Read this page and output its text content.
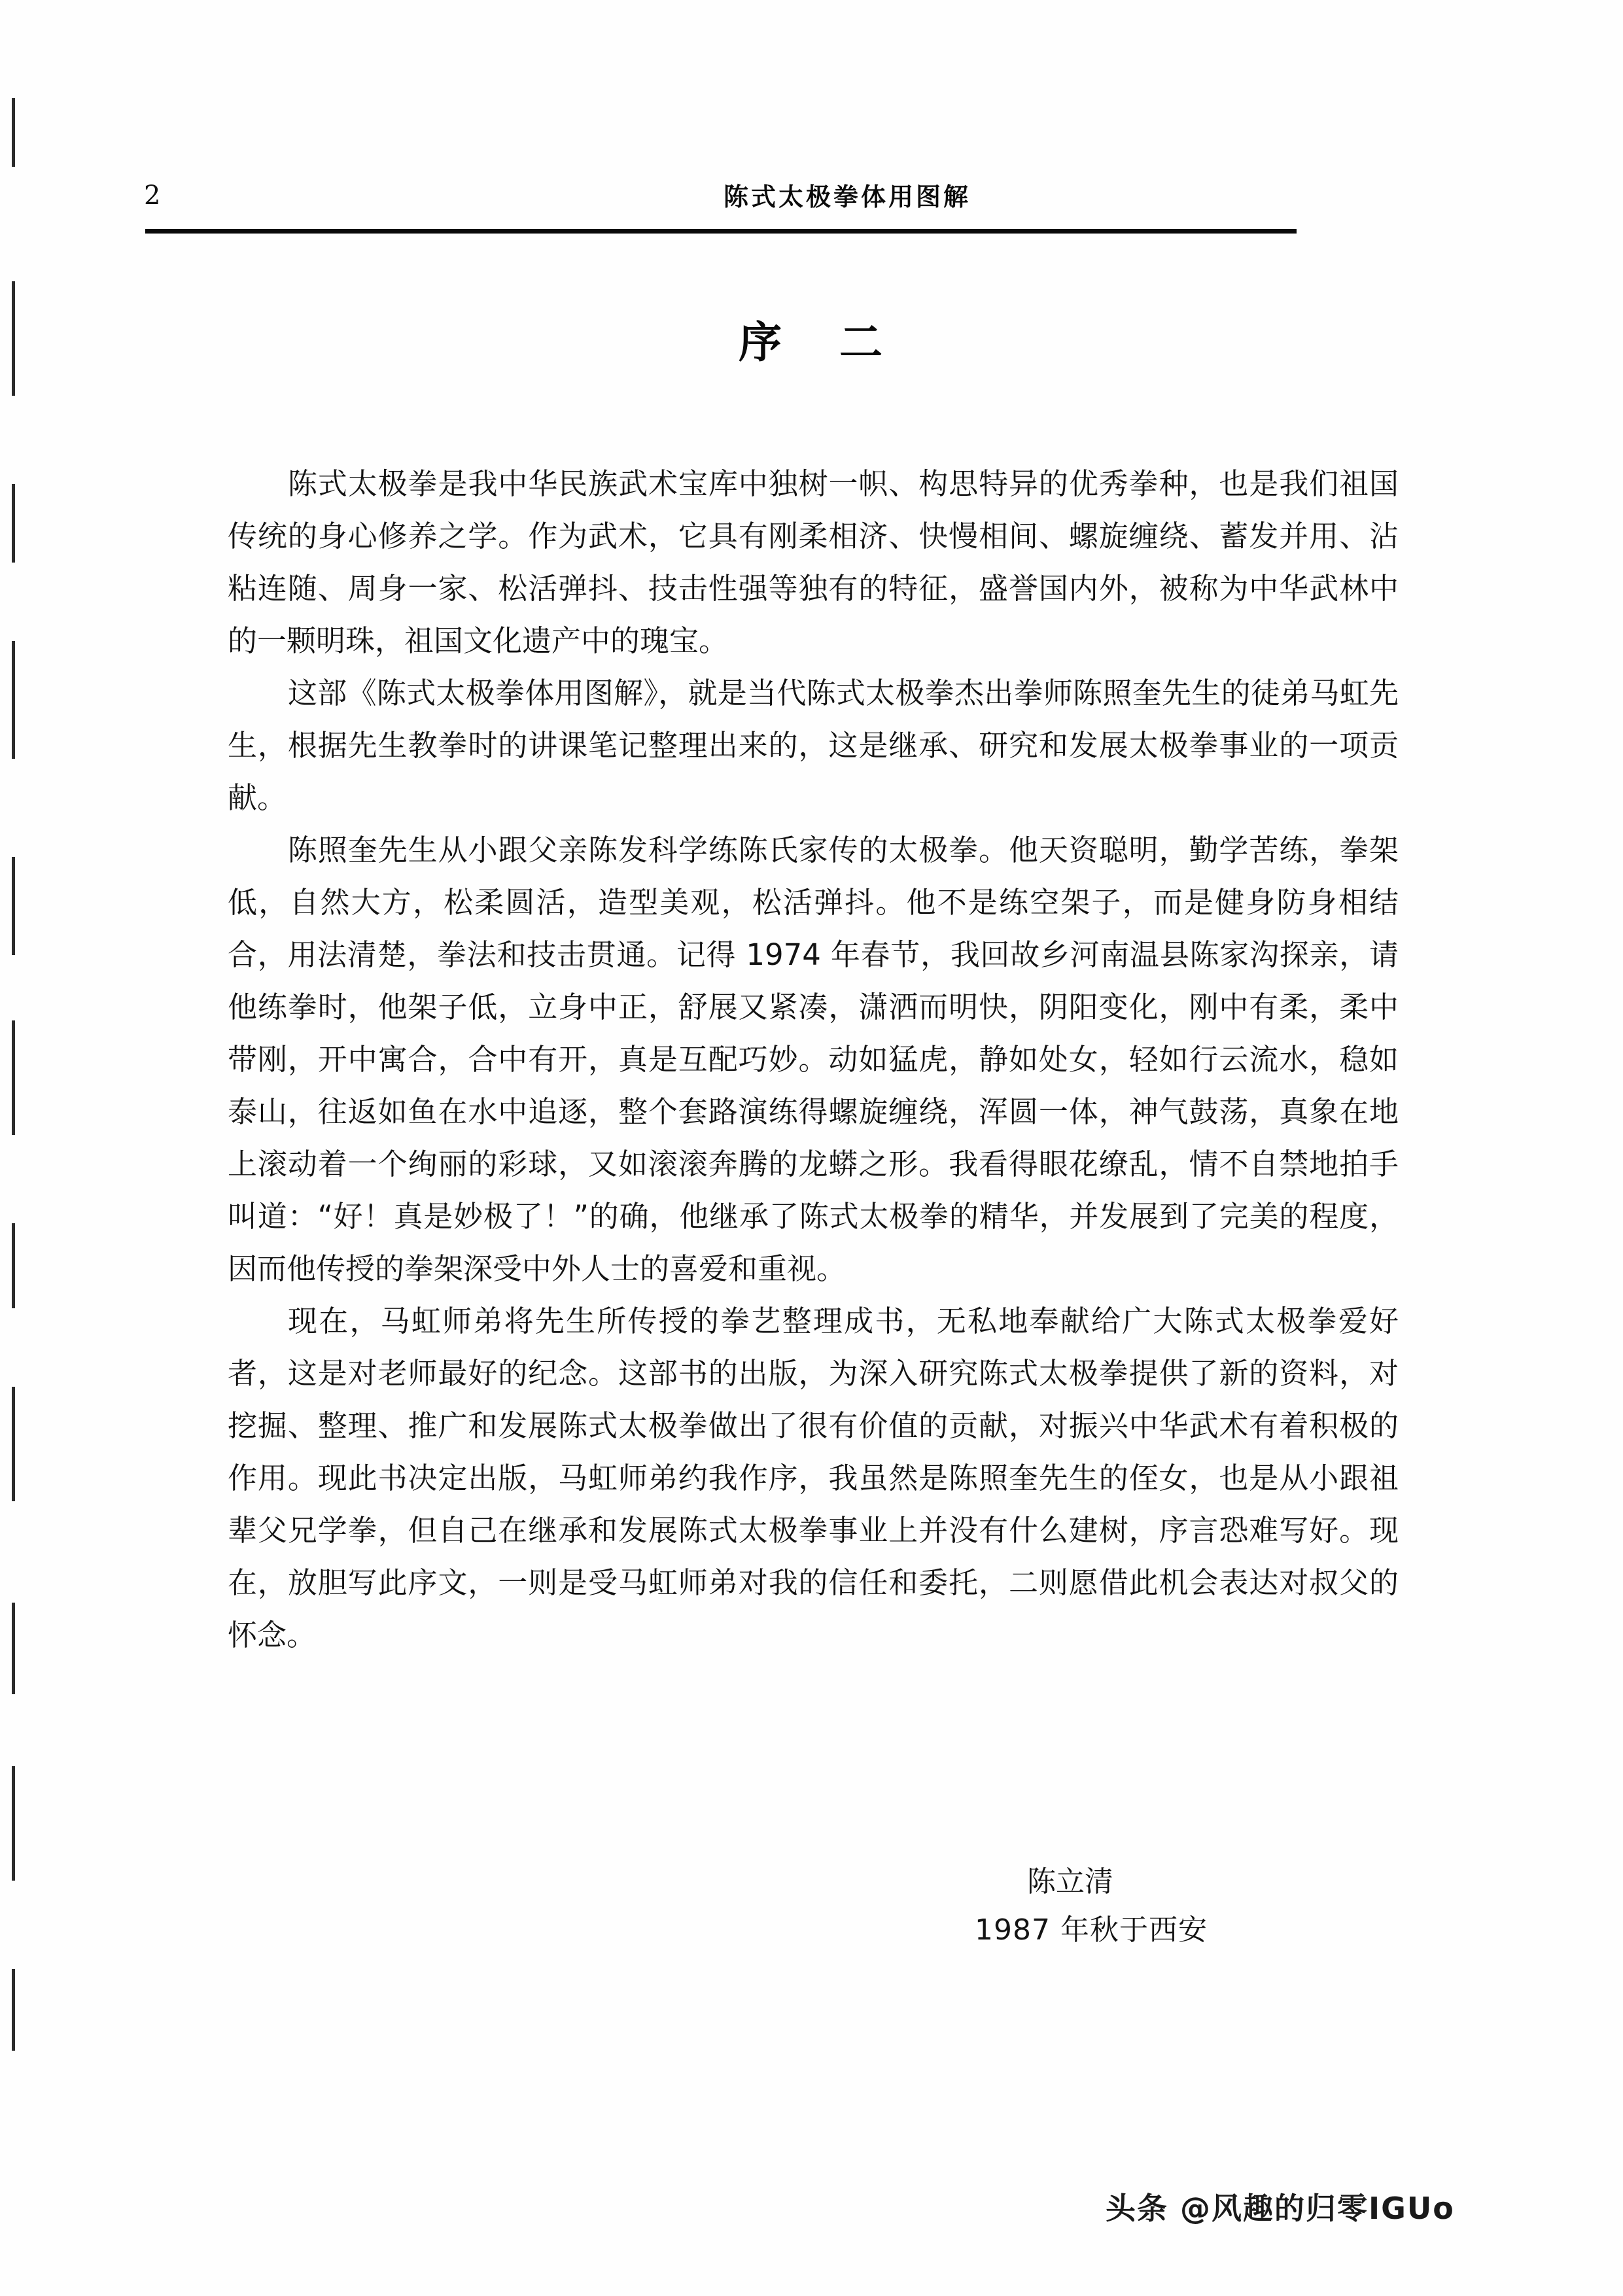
2	陈式太极拳体用图解
序 二

陈式太极拳是我中华民族武术宝库中独树一帜、构思特异的优秀拳种，也是我们祖国传统的身心修养之学。作为武术，它具有刚柔相济、快慢相间、螺旋缠绕、蓄发并用、沾粘连随、周身一家、松活弹抖、技击性强等独有的特征，盛誉国内外，被称为中华武林中的一颗明珠，祖国文化遗产中的瑰宝。

这部《陈式太极拳体用图解》，就是当代陈式太极拳杰出拳师陈照奎先生的徒弟马虹先生，根据先生教拳时的讲课笔记整理出来的，这是继承、研究和发展太极拳事业的一项贡献。

陈照奎先生从小跟父亲陈发科学练陈氏家传的太极拳。他天资聪明，勤学苦练，拳架低，自然大方，松柔圆活，造型美观，松活弹抖。他不是练空架子，而是健身防身相结合，用法清楚，拳法和技击贯通。记得 1974 年春节，我回故乡河南温县陈家沟探亲，请他练拳时，他架子低，立身中正，舒展又紧凑，潇洒而明快，阴阳变化，刚中有柔，柔中带刚，开中寓合，合中有开，真是互配巧妙。动如猛虎，静如处女，轻如行云流水，稳如泰山，往返如鱼在水中追逐，整个套路演练得螺旋缠绕，浑圆一体，神气鼓荡，真象在地上滚动着一个绚丽的彩球，又如滚滚奔腾的龙蟒之形。我看得眼花缭乱，情不自禁地拍手叫道：“好！真是妙极了！”的确，他继承了陈式太极拳的精华，并发展到了完美的程度，因而他传授的拳架深受中外人士的喜爱和重视。

现在，马虹师弟将先生所传授的拳艺整理成书，无私地奉献给广大陈式太极拳爱好者，这是对老师最好的纪念。这部书的出版，为深入研究陈式太极拳提供了新的资料，对挖掘、整理、推广和发展陈式太极拳做出了很有价值的贡献，对振兴中华武术有着积极的作用。现此书决定出版，马虹师弟约我作序，我虽然是陈照奎先生的侄女，也是从小跟祖辈父兄学拳，但自己在继承和发展陈式太极拳事业上并没有什么建树，序言恐难写好。现在，放胆写此序文，一则是受马虹师弟对我的信任和委托，二则愿借此机会表达对叔父的怀念。

陈立清
1987 年秋于西安
头条 @风趣的归零IGUo
